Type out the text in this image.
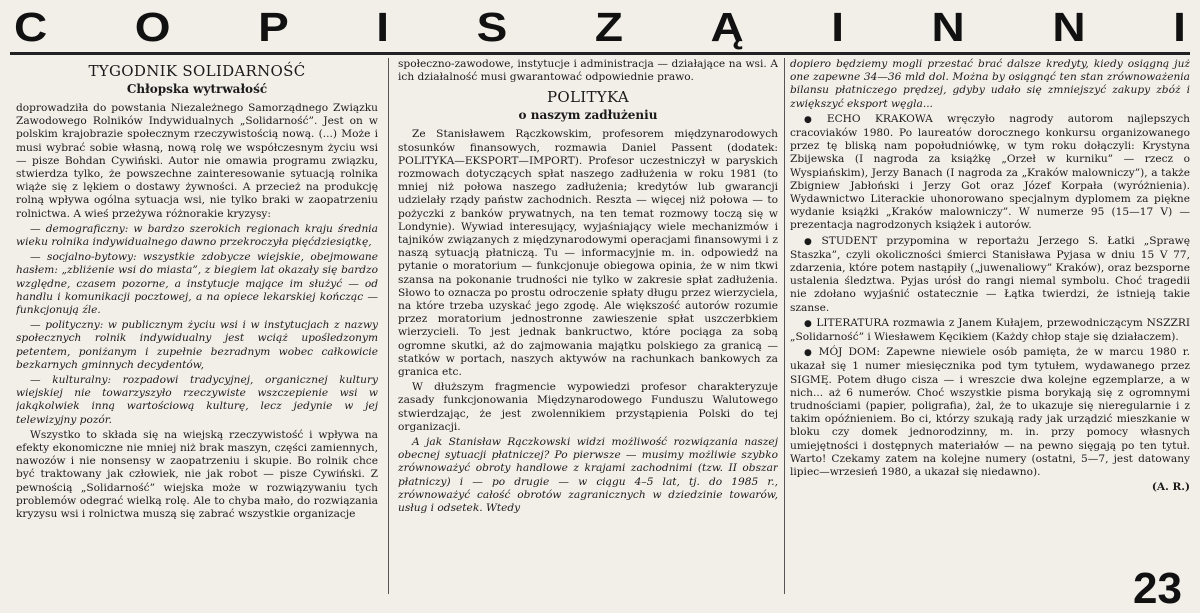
C O P I S Z Ą I N N I
TYGODNIK SOLIDARNOŚĆ
Chłopska wytrwałość

doprowadziła do powstania Niezależnego Samorządnego Związku Zawodowego Rolników Indywidualnych „Solidarność”. Jest on w polskim krajobrazie społecznym rzeczywistością nową. (...) Może i musi wybrać sobie własną, nową rolę we współczesnym życiu wsi — pisze Bohdan Cywiński. Autor nie omawia programu związku, stwierdza tylko, że powszechne zainteresowanie sytuacją rolnika wiąże się z lękiem o dostawy żywności. A przecież na produkcję rolną wpływa ogólna sytuacja wsi, nie tylko braki w zaopatrzeniu rolnictwa. A wieś przeżywa różnorakie kryzysy:

— demograficzny: w bardzo szerokich regionach kraju średnia wieku rolnika indywidualnego dawno przekroczyła pięćdziesiątkę,

— socjalno-bytowy: wszystkie zdobycze wiejskie, obejmowane hasłem: „zbliżenie wsi do miasta”, z biegiem lat okazały się bardzo względne, czasem pozorne, a instytucje mające im służyć — od handlu i komunikacji pocztowej, a na opiece lekarskiej kończąc — funkcjonują źle.

— polityczny: w publicznym życiu wsi i w instytucjach z nazwy społecznych rolnik indywidualny jest wciąż upośledzonym petentem, poniżanym i zupełnie bezradnym wobec całkowicie bezkarnych gminnych decydentów,

— kulturalny: rozpadowi tradycyjnej, organicznej kultury wiejskiej nie towarzyszyło rzeczywiste wszczepienie wsi w jakąkolwiek inną wartościową kulturę, lecz jedynie w jej telewizyjny pozór.

Wszystko to składa się na wiejską rzeczywistość i wpływa na efekty ekonomiczne nie mniej niż brak maszyn, części zamiennych, nawozów i nie nonsensy w zaopatrzeniu i skupie. Bo rolnik chce być traktowany jak człowiek, nie jak robot — pisze Cywiński. Z pewnością „Solidarność” wiejska może w rozwiązywaniu tych problemów odegrać wielką rolę. Ale to chyba mało, do rozwiązania kryzysu wsi i rolnictwa muszą się zabrać wszystkie organizacje

społeczno-zawodowe, instytucje i administracja — działające na wsi. A ich działalność musi gwarantować odpowiednie prawo.

POLITYKA
o naszym zadłużeniu

Ze Stanisławem Rączkowskim, profesorem międzynarodowych stosunków finansowych, rozmawia Daniel Passent (dodatek: POLITYKA—EKSPORT—IMPORT). Profesor uczestniczył w paryskich rozmowach dotyczących spłat naszego zadłużenia w roku 1981 (to mniej niż połowa naszego zadłużenia; kredytów lub gwarancji udzielały rządy państw zachodnich. Reszta — więcej niż połowa — to pożyczki z banków prywatnych, na ten temat rozmowy toczą się w Londynie). Wywiad interesujący, wyjaśniający wiele mechanizmów i tajników związanych z międzynarodowymi operacjami finansowymi i z naszą sytuacją płatniczą. Tu — informacyjnie m. in. odpowiedź na pytanie o moratorium — funkcjonuje obiegowa opinia, że w nim tkwi szansa na pokonanie trudności nie tylko w zakresie spłat zadłużenia. Słowo to oznacza po prostu odroczenie spłaty długu przez wierzyciela, na które trzeba uzyskać jego zgodę. Ale większość autorów rozumie przez moratorium jednostronne zawieszenie spłat uszczerbkiem wierzycieli. To jest jednak bankructwo, które pociąga za sobą ogromne skutki, aż do zajmowania majątku polskiego za granicą — statków w portach, naszych aktywów na rachunkach bankowych za granica etc.

W dłuższym fragmencie wypowiedzi profesor charakteryzuje zasady funkcjonowania Międzynarodowego Funduszu Walutowego stwierdzając, że jest zwolennikiem przystąpienia Polski do tej organizacji.

A jak Stanisław Rączkowski widzi możliwość rozwiązania naszej obecnej sytuacji płatniczej? Po pierwsze — musimy możliwie szybko zrównoważyć obroty handlowe z krajami zachodnimi (tzw. II obszar płatniczy) i — po drugie — w ciągu 4–5 lat, tj. do 1985 r., zrównoważyć całość obrotów zagranicznych w dziedzinie towarów, usług i odsetek. Wtedy

dopiero będziemy mogli przestać brać dalsze kredyty, kiedy osiągną już one zapewne 34—36 mld dol. Można by osiągnąć ten stan zrównoważenia bilansu płatniczego prędzej, gdyby udało się zmniejszyć zakupy zbóż i zwiększyć eksport węgla...

● ECHO KRAKOWA wręczyło nagrody autorom najlepszych cracoviaków 1980. Po laureatów dorocznego konkursu organizowanego przez tę bliską nam popołudniówkę, w tym roku dołączyli: Krystyna Zbijewska (I nagroda za książkę „Orzeł w kurniku” — rzecz o Wyspiańskim), Jerzy Banach (I nagroda za „Kraków malowniczy”), a także Zbigniew Jabłoński i Jerzy Got oraz Józef Korpała (wyróżnienia). Wydawnictwo Literackie uhonorowano specjalnym dyplomem za piękne wydanie książki „Kraków malowniczy”. W numerze 95 (15—17 V) — prezentacja nagrodzonych książek i autorów.

● STUDENT przypomina w reportażu Jerzego S. Łatki „Sprawę Staszka”, czyli okoliczności śmierci Stanisława Pyjasa w dniu 15 V 77, zdarzenia, które potem nastąpiły („juwenaliowy” Kraków), oraz bezsporne ustalenia śledztwa. Pyjas urósł do rangi niemal symbolu. Choć tragedii nie zdołano wyjaśnić ostatecznie — Łątka twierdzi, że istnieją takie szanse.

● LITERATURA rozmawia z Janem Kułajem, przewodniczącym NSZZRI „Solidarność” i Wiesławem Kęcikiem (Każdy chłop staje się działaczem).

● MÓJ DOM: Zapewne niewiele osób pamięta, że w marcu 1980 r. ukazał się 1 numer miesięcznika pod tym tytułem, wydawanego przez SIGMĘ. Potem długo cisza — i wreszcie dwa kolejne egzemplarze, a w nich... aż 6 numerów. Choć wszystkie pisma borykają się z ogromnymi trudnościami (papier, poligrafia), żal, że to ukazuje się nieregularnie i z takim opóźnieniem. Bo ci, którzy szukają rady jak urządzić mieszkanie w bloku czy domek jednorodzinny, m. in. przy pomocy własnych umiejętności i dostępnych materiałów — na pewno sięgają po ten tytuł. Warto! Czekamy zatem na kolejne numery (ostatni, 5—7, jest datowany lipiec—wrzesień 1980, a ukazał się niedawno).

(A. R.)

23
